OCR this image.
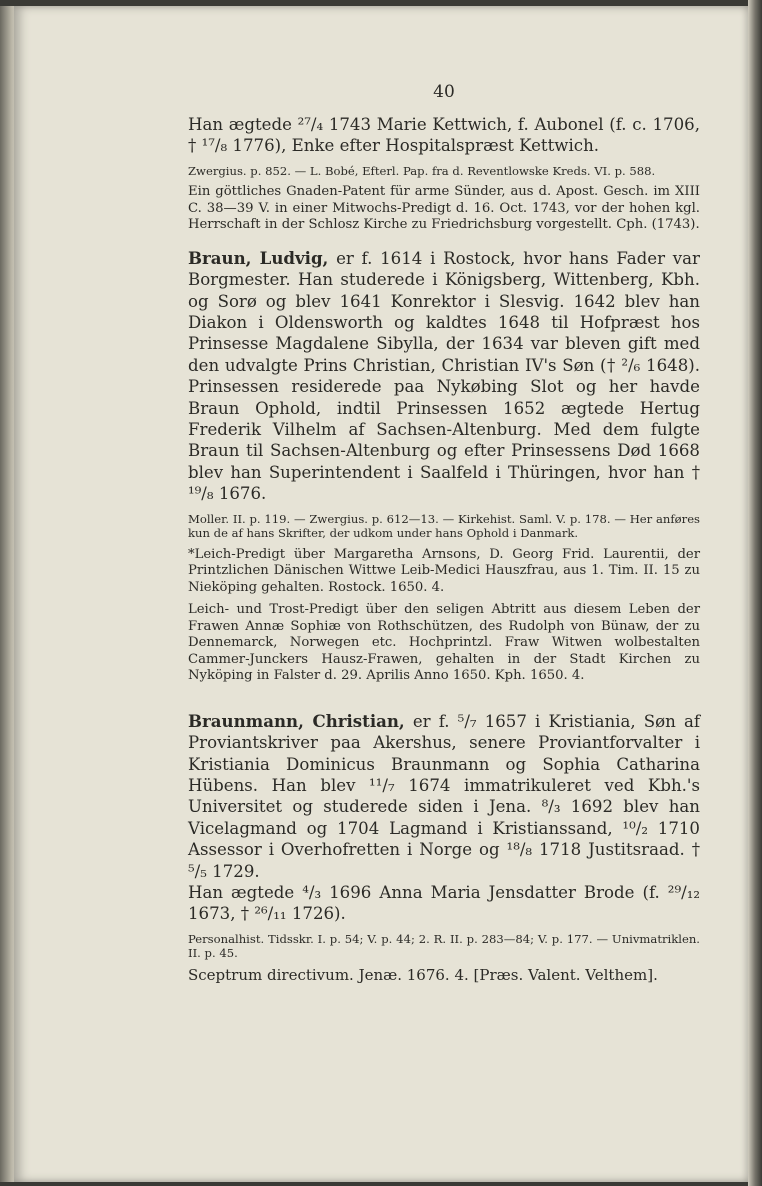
40

Han ægtede ²⁷/₄ 1743 Marie Kettwich, f. Aubonel (f. c. 1706, † ¹⁷/₈ 1776), Enke efter Hospitalspræst Kettwich.

Zwergius. p. 852. — L. Bobé, Efterl. Pap. fra d. Reventlowske Kreds. VI. p. 588.

Ein göttliches Gnaden-Patent für arme Sünder, aus d. Apost. Gesch. im XIII C. 38—39 V. in einer Mitwochs-Predigt d. 16. Oct. 1743, vor der hohen kgl. Herrschaft in der Schlosz Kirche zu Friedrichsburg vorgestellt. Cph. (1743).

Braun, Ludvig, er f. 1614 i Rostock, hvor hans Fader var Borgmester. Han studerede i Königsberg, Wittenberg, Kbh. og Sorø og blev 1641 Konrektor i Slesvig. 1642 blev han Diakon i Oldensworth og kaldtes 1648 til Hofpræst hos Prinsesse Magdalene Sibylla, der 1634 var bleven gift med den udvalgte Prins Christian, Christian IV's Søn († ²/₆ 1648). Prinsessen residerede paa Nykøbing Slot og her havde Braun Ophold, indtil Prinsessen 1652 ægtede Hertug Frederik Vilhelm af Sachsen-Altenburg. Med dem fulgte Braun til Sachsen-Altenburg og efter Prinsessens Død 1668 blev han Superintendent i Saalfeld i Thüringen, hvor han † ¹⁹/₈ 1676.

Moller. II. p. 119. — Zwergius. p. 612—13. — Kirkehist. Saml. V. p. 178. — Her anføres kun de af hans Skrifter, der udkom under hans Ophold i Danmark.

*Leich-Predigt über Margaretha Arnsons, D. Georg Frid. Laurentii, der Printzlichen Dänischen Wittwe Leib-Medici Hauszfrau, aus 1. Tim. II. 15 zu Nieköping gehalten. Rostock. 1650. 4.

Leich- und Trost-Predigt über den seligen Abtritt aus diesem Leben der Frawen Annæ Sophiæ von Rothschützen, des Rudolph von Bünaw, der zu Dennemarck, Norwegen etc. Hochprintzl. Fraw Witwen wolbestalten Cammer-Junckers Hausz-Frawen, gehalten in der Stadt Kirchen zu Nyköping in Falster d. 29. Aprilis Anno 1650. Kph. 1650. 4.

Braunmann, Christian, er f. ⁵/₇ 1657 i Kristiania, Søn af Proviantskriver paa Akershus, senere Proviantforvalter i Kristiania Dominicus Braunmann og Sophia Catharina Hübens. Han blev ¹¹/₇ 1674 immatrikuleret ved Kbh.'s Universitet og studerede siden i Jena. ⁸/₃ 1692 blev han Vicelagmand og 1704 Lagmand i Kristianssand, ¹⁰/₂ 1710 Assessor i Overhofretten i Norge og ¹⁸/₈ 1718 Justitsraad. † ⁵/₅ 1729.

Han ægtede ⁴/₃ 1696 Anna Maria Jensdatter Brode (f. ²⁹/₁₂ 1673, † ²⁶/₁₁ 1726).

Personalhist. Tidsskr. I. p. 54; V. p. 44; 2. R. II. p. 283—84; V. p. 177. — Univmatriklen. II. p. 45.

Sceptrum directivum. Jenæ. 1676. 4. [Præs. Valent. Velthem].
